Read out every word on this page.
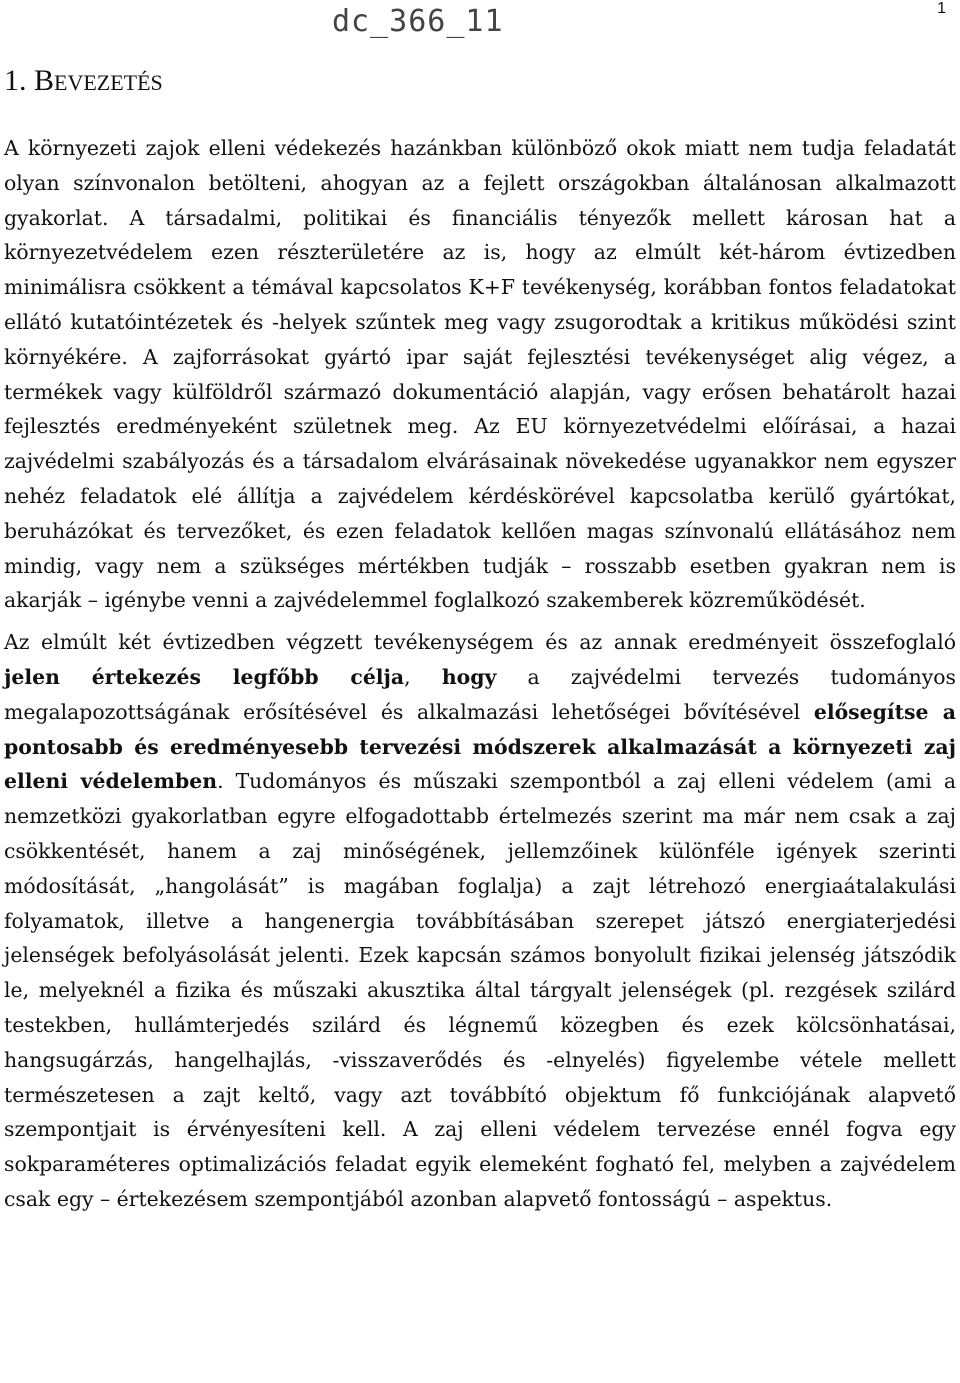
dc_366_11	1
1. BEVEZETÉS

A környezeti zajok elleni védekezés hazánkban különböző okok miatt nem tudja feladatát olyan színvonalon betölteni, ahogyan az a fejlett országokban általánosan alkalmazott gyakorlat. A társadalmi, politikai és financiális tényezők mellett károsan hat a környezetvédelem ezen részterületére az is, hogy az elmúlt két-három évtizedben minimálisra csökkent a témával kapcsolatos K+F tevékenység, korábban fontos feladatokat ellátó kutatóintézetek és -helyek szűntek meg vagy zsugorodtak a kritikus működési szint környékére. A zajforrásokat gyártó ipar saját fejlesztési tevékenységet alig végez, a termékek vagy külföldről származó dokumentáció alapján, vagy erősen behatárolt hazai fejlesztés eredményeként születnek meg. Az EU környezetvédelmi előírásai, a hazai zajvédelmi szabályozás és a társadalom elvárásainak növekedése ugyanakkor nem egyszer nehéz feladatok elé állítja a zajvédelem kérdéskörével kapcsolatba kerülő gyártókat, beruházókat és tervezőket, és ezen feladatok kellően magas színvonalú ellátásához nem mindig, vagy nem a szükséges mértékben tudják – rosszabb esetben gyakran nem is akarják – igénybe venni a zajvédelemmel foglalkozó szakemberek közreműködését.

Az elmúlt két évtizedben végzett tevékenységem és az annak eredményeit összefoglaló jelen értekezés legfőbb célja, hogy a zajvédelmi tervezés tudományos megalapozottságának erősítésével és alkalmazási lehetőségei bővítésével elősegítse a pontosabb és eredményesebb tervezési módszerek alkalmazását a környezeti zaj elleni védelemben. Tudományos és műszaki szempontból a zaj elleni védelem (ami a nemzetközi gyakorlatban egyre elfogadottabb értelmezés szerint ma már nem csak a zaj csökkentését, hanem a zaj minőségének, jellemzőinek különféle igények szerinti módosítását, „hangolását” is magában foglalja) a zajt létrehozó energiaátalakulási folyamatok, illetve a hangenergia továbbításában szerepet játszó energiaterjedési jelenségek befolyásolását jelenti. Ezek kapcsán számos bonyolult fizikai jelenség játszódik le, melyeknél a fizika és műszaki akusztika által tárgyalt jelenségek (pl. rezgések szilárd testekben, hullámterjedés szilárd és légnemű közegben és ezek kölcsönhatásai, hangsugárzás, hangelhajlás, -visszaverődés és -elnyelés) figyelembe vétele mellett természetesen a zajt keltő, vagy azt továbbító objektum fő funkciójának alapvető szempontjait is érvényesíteni kell. A zaj elleni védelem tervezése ennél fogva egy sokparaméteres optimalizációs feladat egyik elemeként fogható fel, melyben a zajvédelem csak egy – értekezésem szempontjából azonban alapvető fontosságú – aspektus.
